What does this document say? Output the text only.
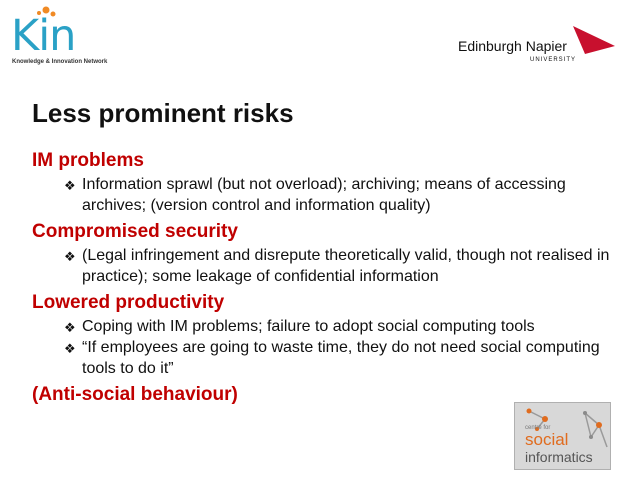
Kin
Knowledge & Innovation Network
Edinburgh Napier
UNIVERSITY
Less prominent risks

IM problems

❖ Information sprawl (but not overload); archiving; means of accessing archives; (version control and information quality)

Compromised security

❖ (Legal infringement and disrepute theoretically valid, though not realised in practice); some leakage of confidential information

Lowered productivity

❖ Coping with IM problems; failure to adopt social computing tools
❖ “If employees are going to waste time, they do not need social computing tools to do it”

(Anti-social behaviour)

centre for
social
informatics
